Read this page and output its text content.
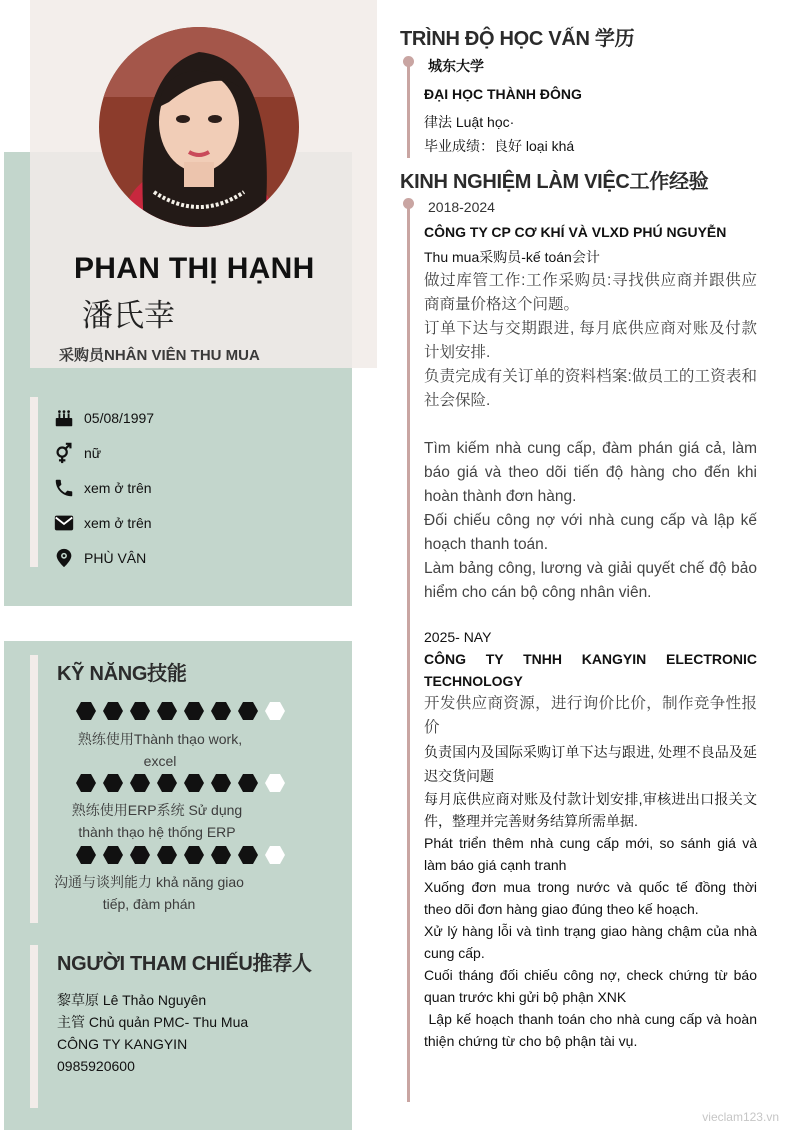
PHAN THỊ HẠNH
潘氏幸
采购员NHÂN VIÊN THU MUA
05/08/1997
nữ
xem ở trên
xem ở trên
PHÙ VÂN
KỸ NĂNG技能
熟练使用Thành thạo work,
excel
熟练使用ERP系统 Sử dụng
thành thạo hệ thống ERP
沟通与谈判能力 khả năng giao
tiếp, đàm phán
NGƯỜI THAM CHIẾU推荐人
黎草原 Lê Thảo Nguyên
主管 Chủ quản PMC- Thu Mua
CÔNG TY KANGYIN
0985920600
TRÌNH ĐỘ HỌC VẤN 学历

城东大学

ĐẠI HỌC THÀNH ĐÔNG

律法 Luật học·

毕业成绩：良好 loại khá

KINH NGHIỆM LÀM VIỆC工作经验

2018-2024

CÔNG TY CP CƠ KHÍ VÀ VLXD PHÚ NGUYỄN

Thu mua采购员-kế toán会计

做过库管工作:工作采购员:寻找供应商并跟供应商商量价格这个问题。

订单下达与交期跟进, 每月底供应商对账及付款计划安排.

负责完成有关订单的资料档案:做员工的工资表和社会保险.

Tìm kiếm nhà cung cấp, đàm phán giá cả, làm báo giá và theo dõi tiến độ hàng cho đến khi hoàn thành đơn hàng.

Đối chiếu công nợ với nhà cung cấp và lập kế hoạch thanh toán.

Làm bảng công, lương và giải quyết chế độ bảo hiểm cho cán bộ công nhân viên.

2025- NAY

CÔNG TY TNHH KANGYIN ELECTRONIC TECHNOLOGY

开发供应商资源，进行询价比价，制作竞争性报价

负责国内及国际采购订单下达与跟进, 处理不良品及延迟交货问题

每月底供应商对账及付款计划安排,审核进出口报关文件，整理并完善财务结算所需单据.

Phát triển thêm nhà cung cấp mới, so sánh giá và làm báo giá cạnh tranh

Xuống đơn mua trong nước và quốc tế đồng thời theo dõi đơn hàng giao đúng theo kế hoạch.

Xử lý hàng lỗi và tình trạng giao hàng chậm của nhà cung cấp.

Cuối tháng đối chiếu công nợ, check chứng từ báo quan trước khi gửi bộ phận XNK

Lập kế hoạch thanh toán cho nhà cung cấp và hoàn thiện chứng từ cho bộ phận tài vụ.

vieclam123.vn
